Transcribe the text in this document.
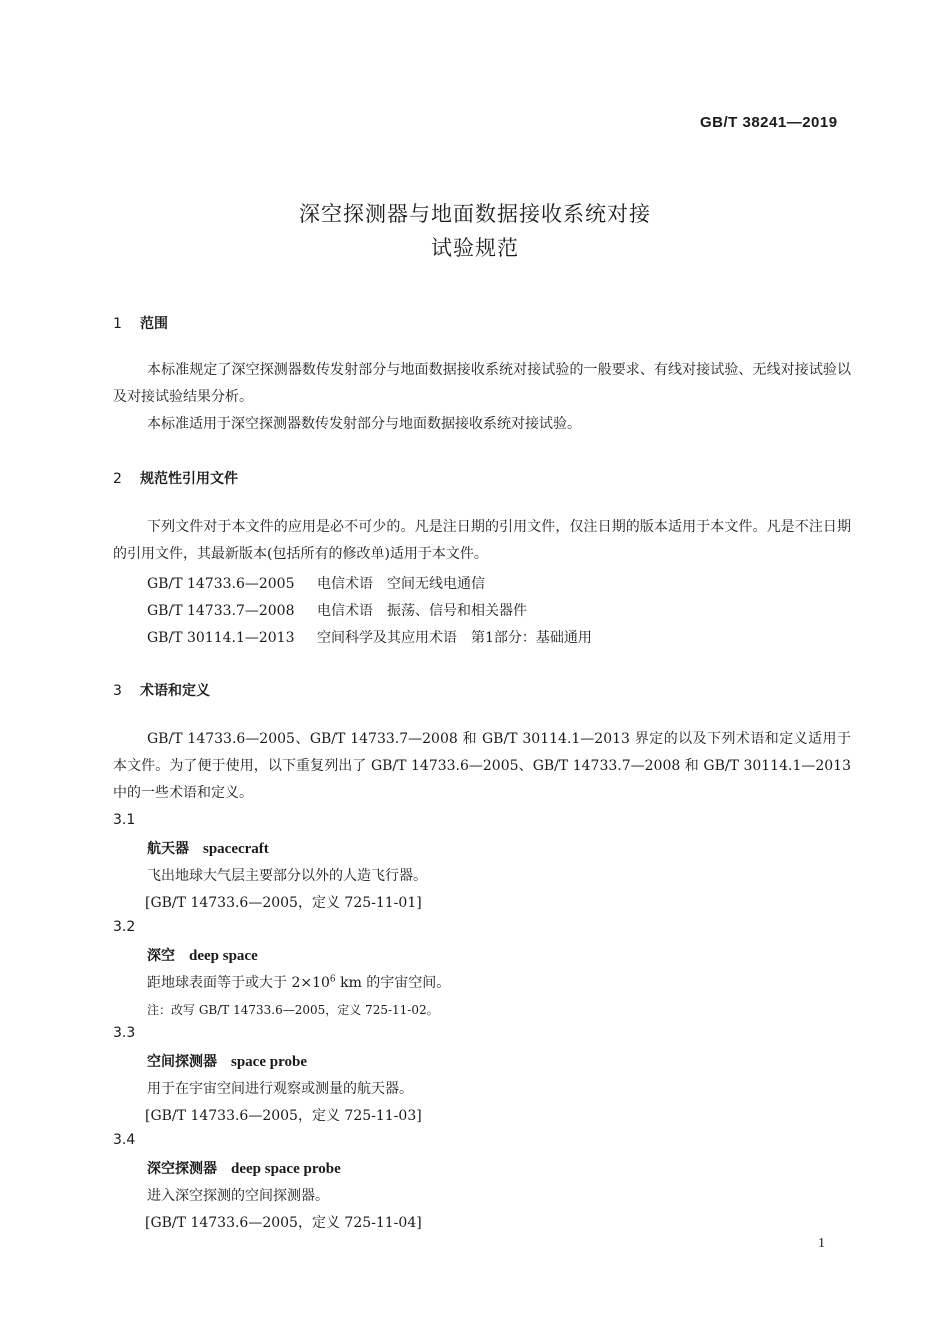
GB/T 38241—2019
深空探测器与地面数据接收系统对接
试验规范
1 范围
本标准规定了深空探测器数传发射部分与地面数据接收系统对接试验的一般要求、有线对接试验、无线对接试验以及对接试验结果分析。
本标准适用于深空探测器数传发射部分与地面数据接收系统对接试验。
2 规范性引用文件
下列文件对于本文件的应用是必不可少的。凡是注日期的引用文件，仅注日期的版本适用于本文件。凡是不注日期的引用文件，其最新版本(包括所有的修改单)适用于本文件。
GB/T 14733.6—2005 电信术语　空间无线电通信
GB/T 14733.7—2008 电信术语　振荡、信号和相关器件
GB/T 30114.1—2013 空间科学及其应用术语　第1部分：基础通用
3 术语和定义
GB/T 14733.6—2005、GB/T 14733.7—2008 和 GB/T 30114.1—2013 界定的以及下列术语和定义适用于本文件。为了便于使用，以下重复列出了 GB/T 14733.6—2005、GB/T 14733.7—2008 和 GB/T 30114.1—2013 中的一些术语和定义。
3.1
航天器 spacecraft
飞出地球大气层主要部分以外的人造飞行器。
[GB/T 14733.6—2005，定义 725-11-01]
3.2
深空 deep space
距地球表面等于或大于 $2\times 10^6$ km 的宇宙空间。
注：改写 GB/T 14733.6—2005，定义 725-11-02。
3.3
空间探测器 space probe
用于在宇宙空间进行观察或测量的航天器。
[GB/T 14733.6—2005，定义 725-11-03]
3.4
深空探测器 deep space probe
进入深空探测的空间探测器。
[GB/T 14733.6—2005，定义 725-11-04]
1
